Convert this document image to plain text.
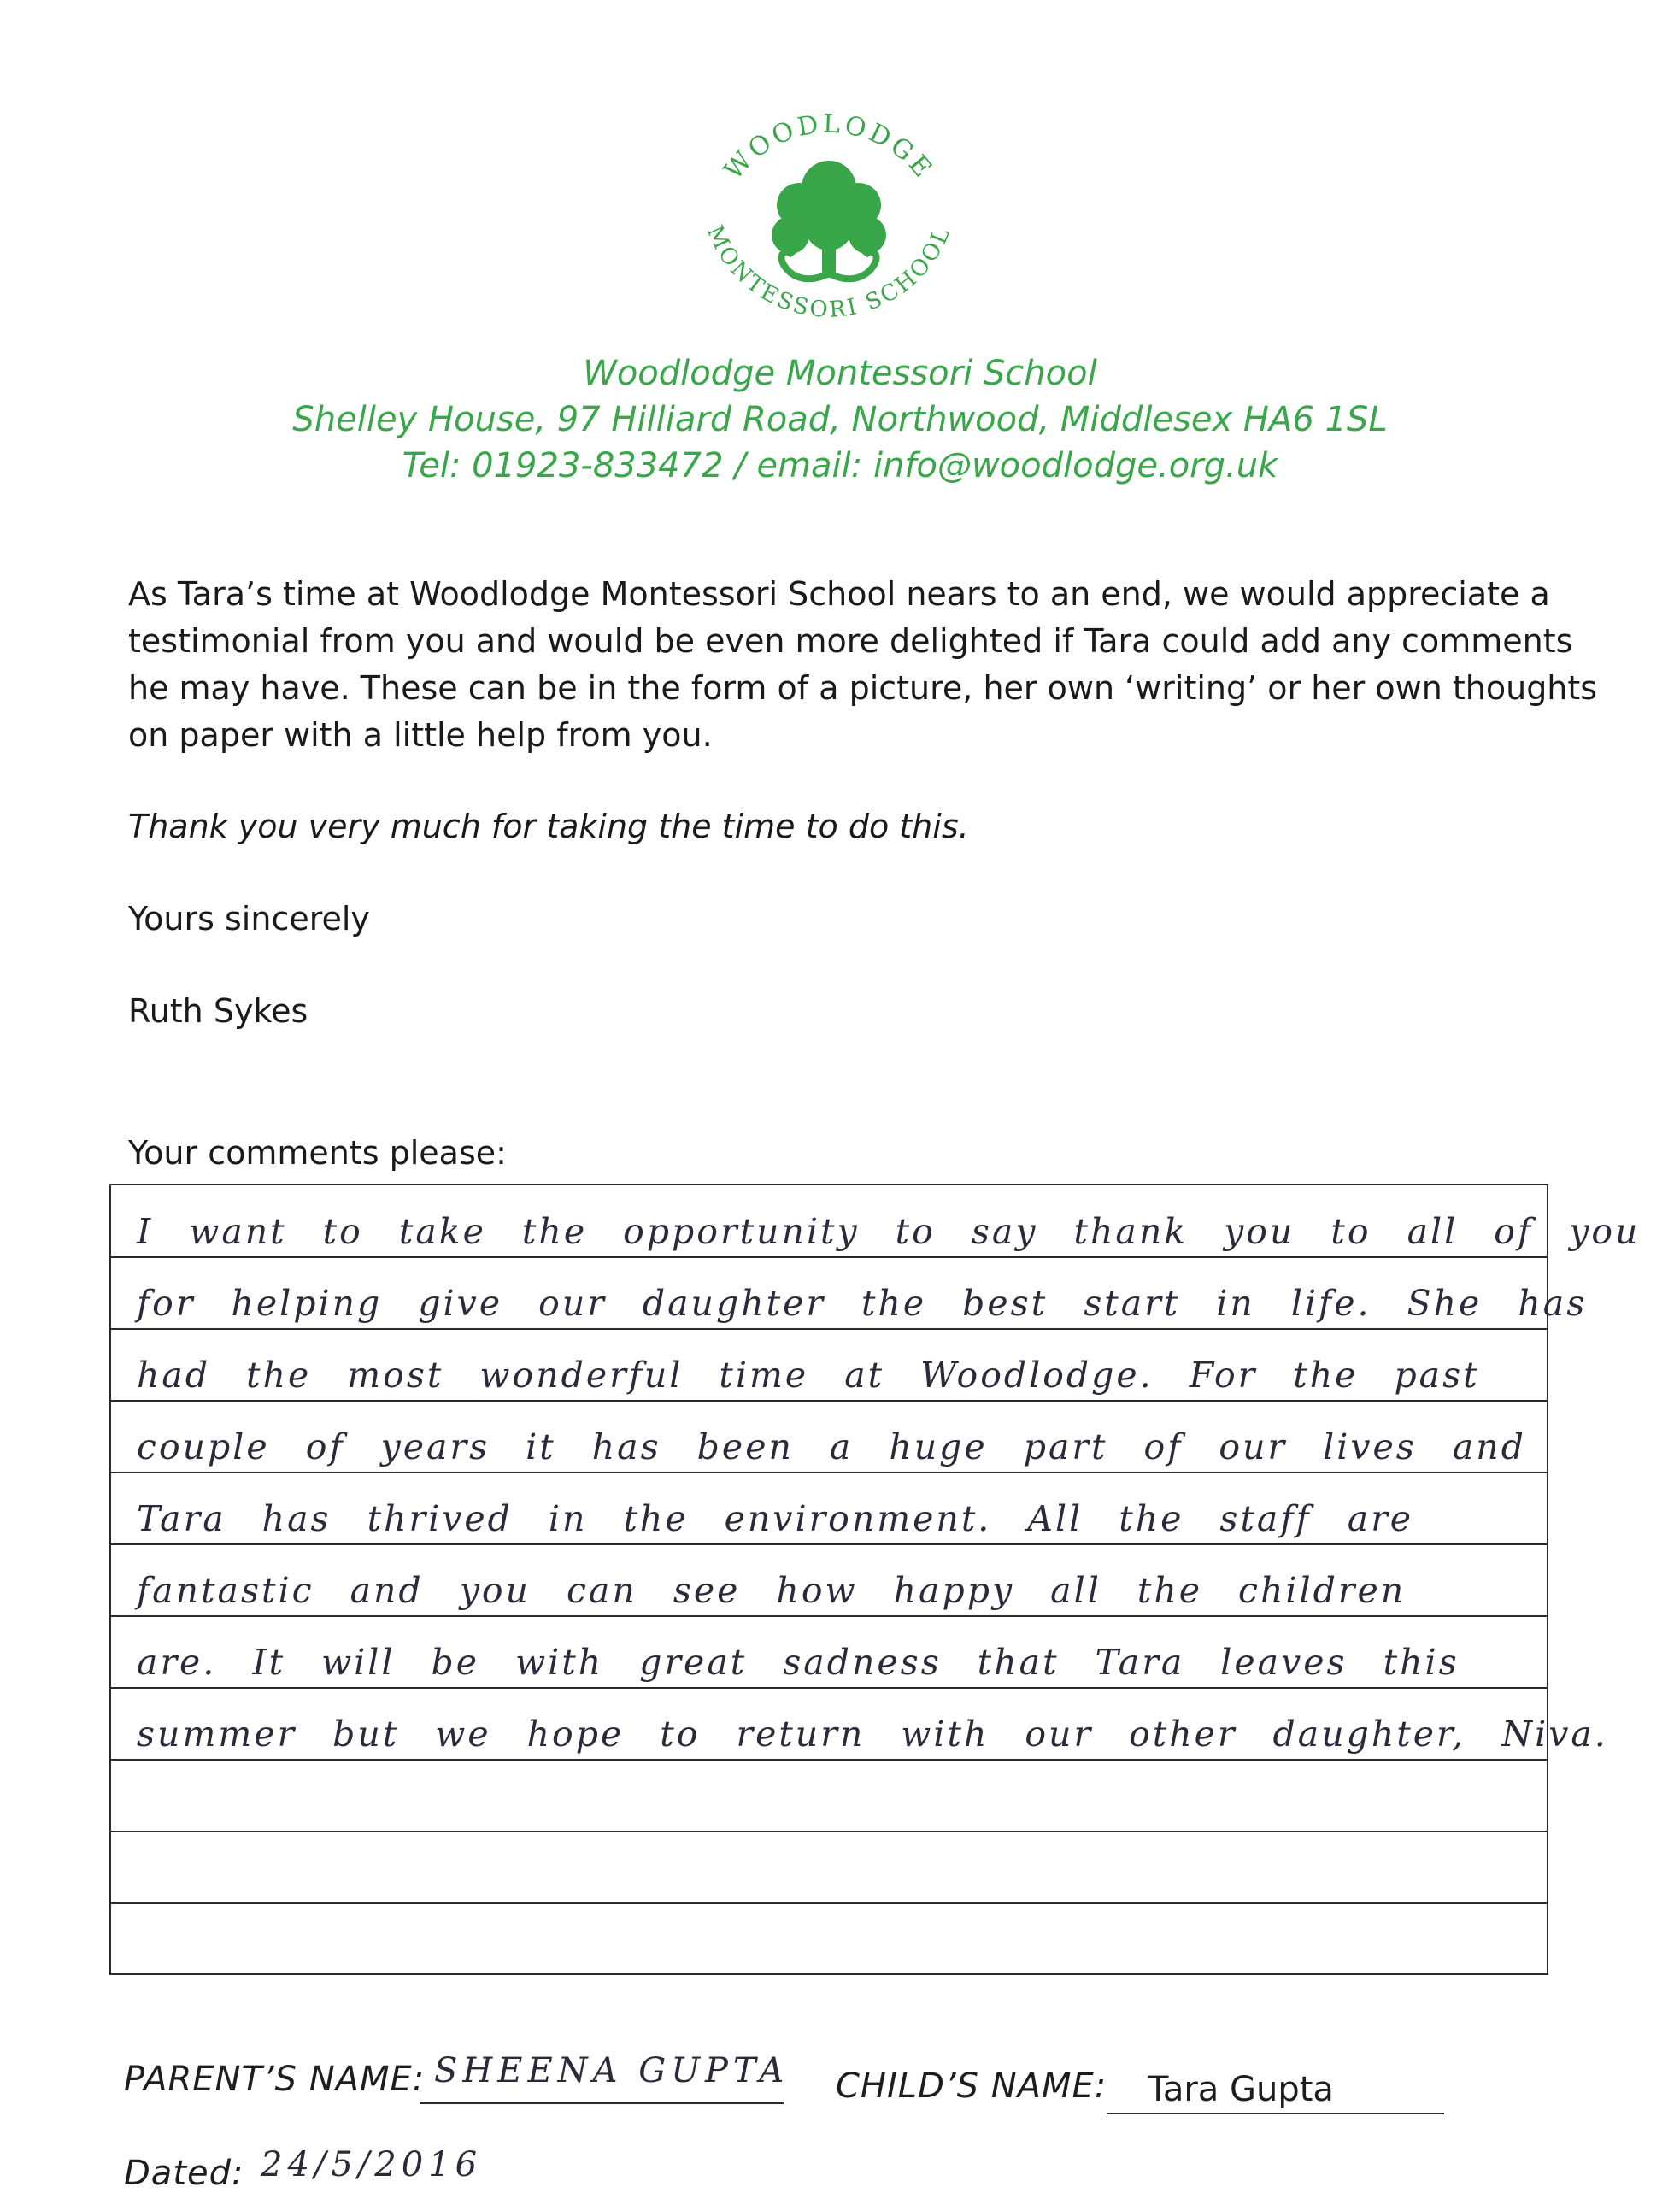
WOODLODGE
MONTESSORI SCHOOL
Woodlodge Montessori School
Shelley House, 97 Hilliard Road, Northwood, Middlesex HA6 1SL
Tel: 01923-833472 / email: info@woodlodge.org.uk
As Tara’s time at Woodlodge Montessori School nears to an end, we would appreciate a
testimonial from you and would be even more delighted if Tara could add any comments
he may have. These can be in the form of a picture, her own ‘writing’ or her own thoughts
on paper with a little help from you.
Thank you very much for taking the time to do this.
Yours sincerely
Ruth Sykes
Your comments please:
I want to take the opportunity to say thank you to all of you
for helping give our daughter the best start in life. She has
had the most wonderful time at Woodlodge. For the past
couple of years it has been a huge part of our lives and
Tara has thrived in the environment. All the staff are
fantastic and you can see how happy all the children
are. It will be with great sadness that Tara leaves this
summer but we hope to return with our other daughter, Niva.
PARENT’S NAME: SHEENA GUPTA CHILD’S NAME: Tara Gupta
Dated: 24/5/2016
